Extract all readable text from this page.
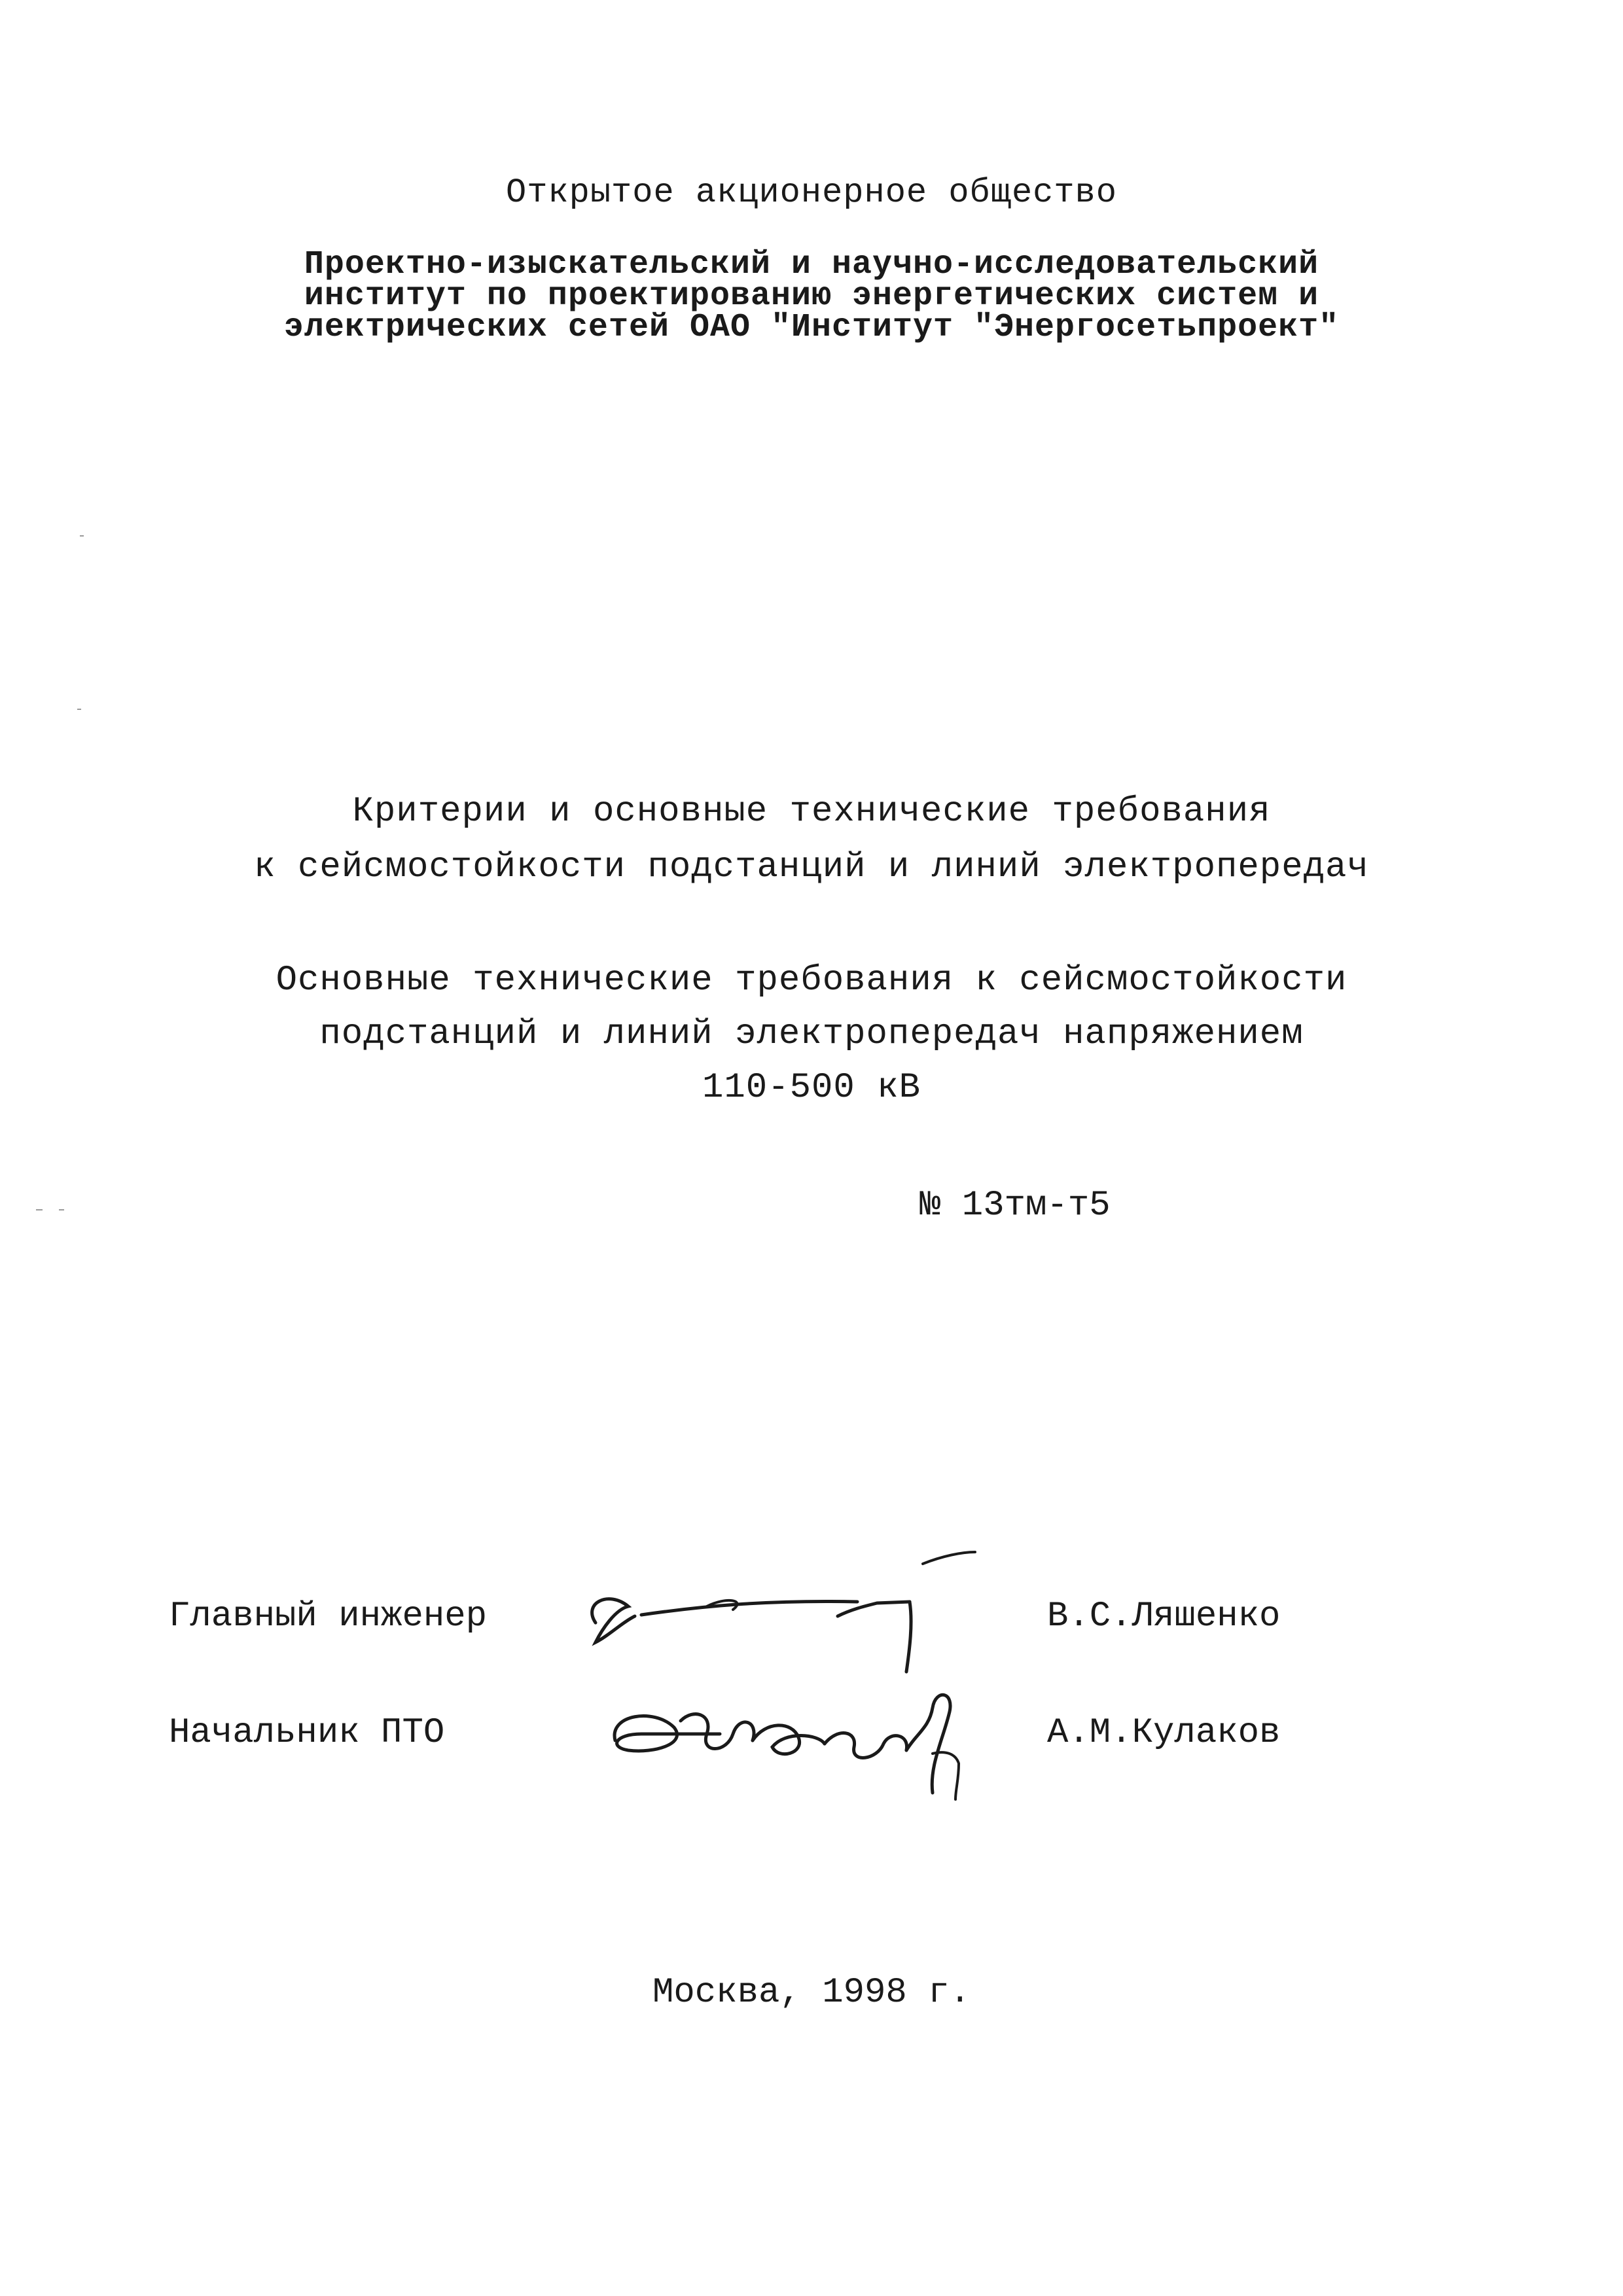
Открытое акционерное общество
Проектно-изыскательский и научно-исследовательский
институт по проектированию энергетических систем и
электрических сетей ОАО "Институт "Энергосетьпроект"
Критерии и основные технические требования
к сейсмостойкости подстанций и линий электропередач
Основные технические требования к сейсмостойкости
подстанций и линий электропередач напряжением
110-500 кВ
№ 13тм-т5
Главный инженер	В.С.Ляшенко
Начальник ПТО	А.М.Кулаков
Москва, 1998 г.
